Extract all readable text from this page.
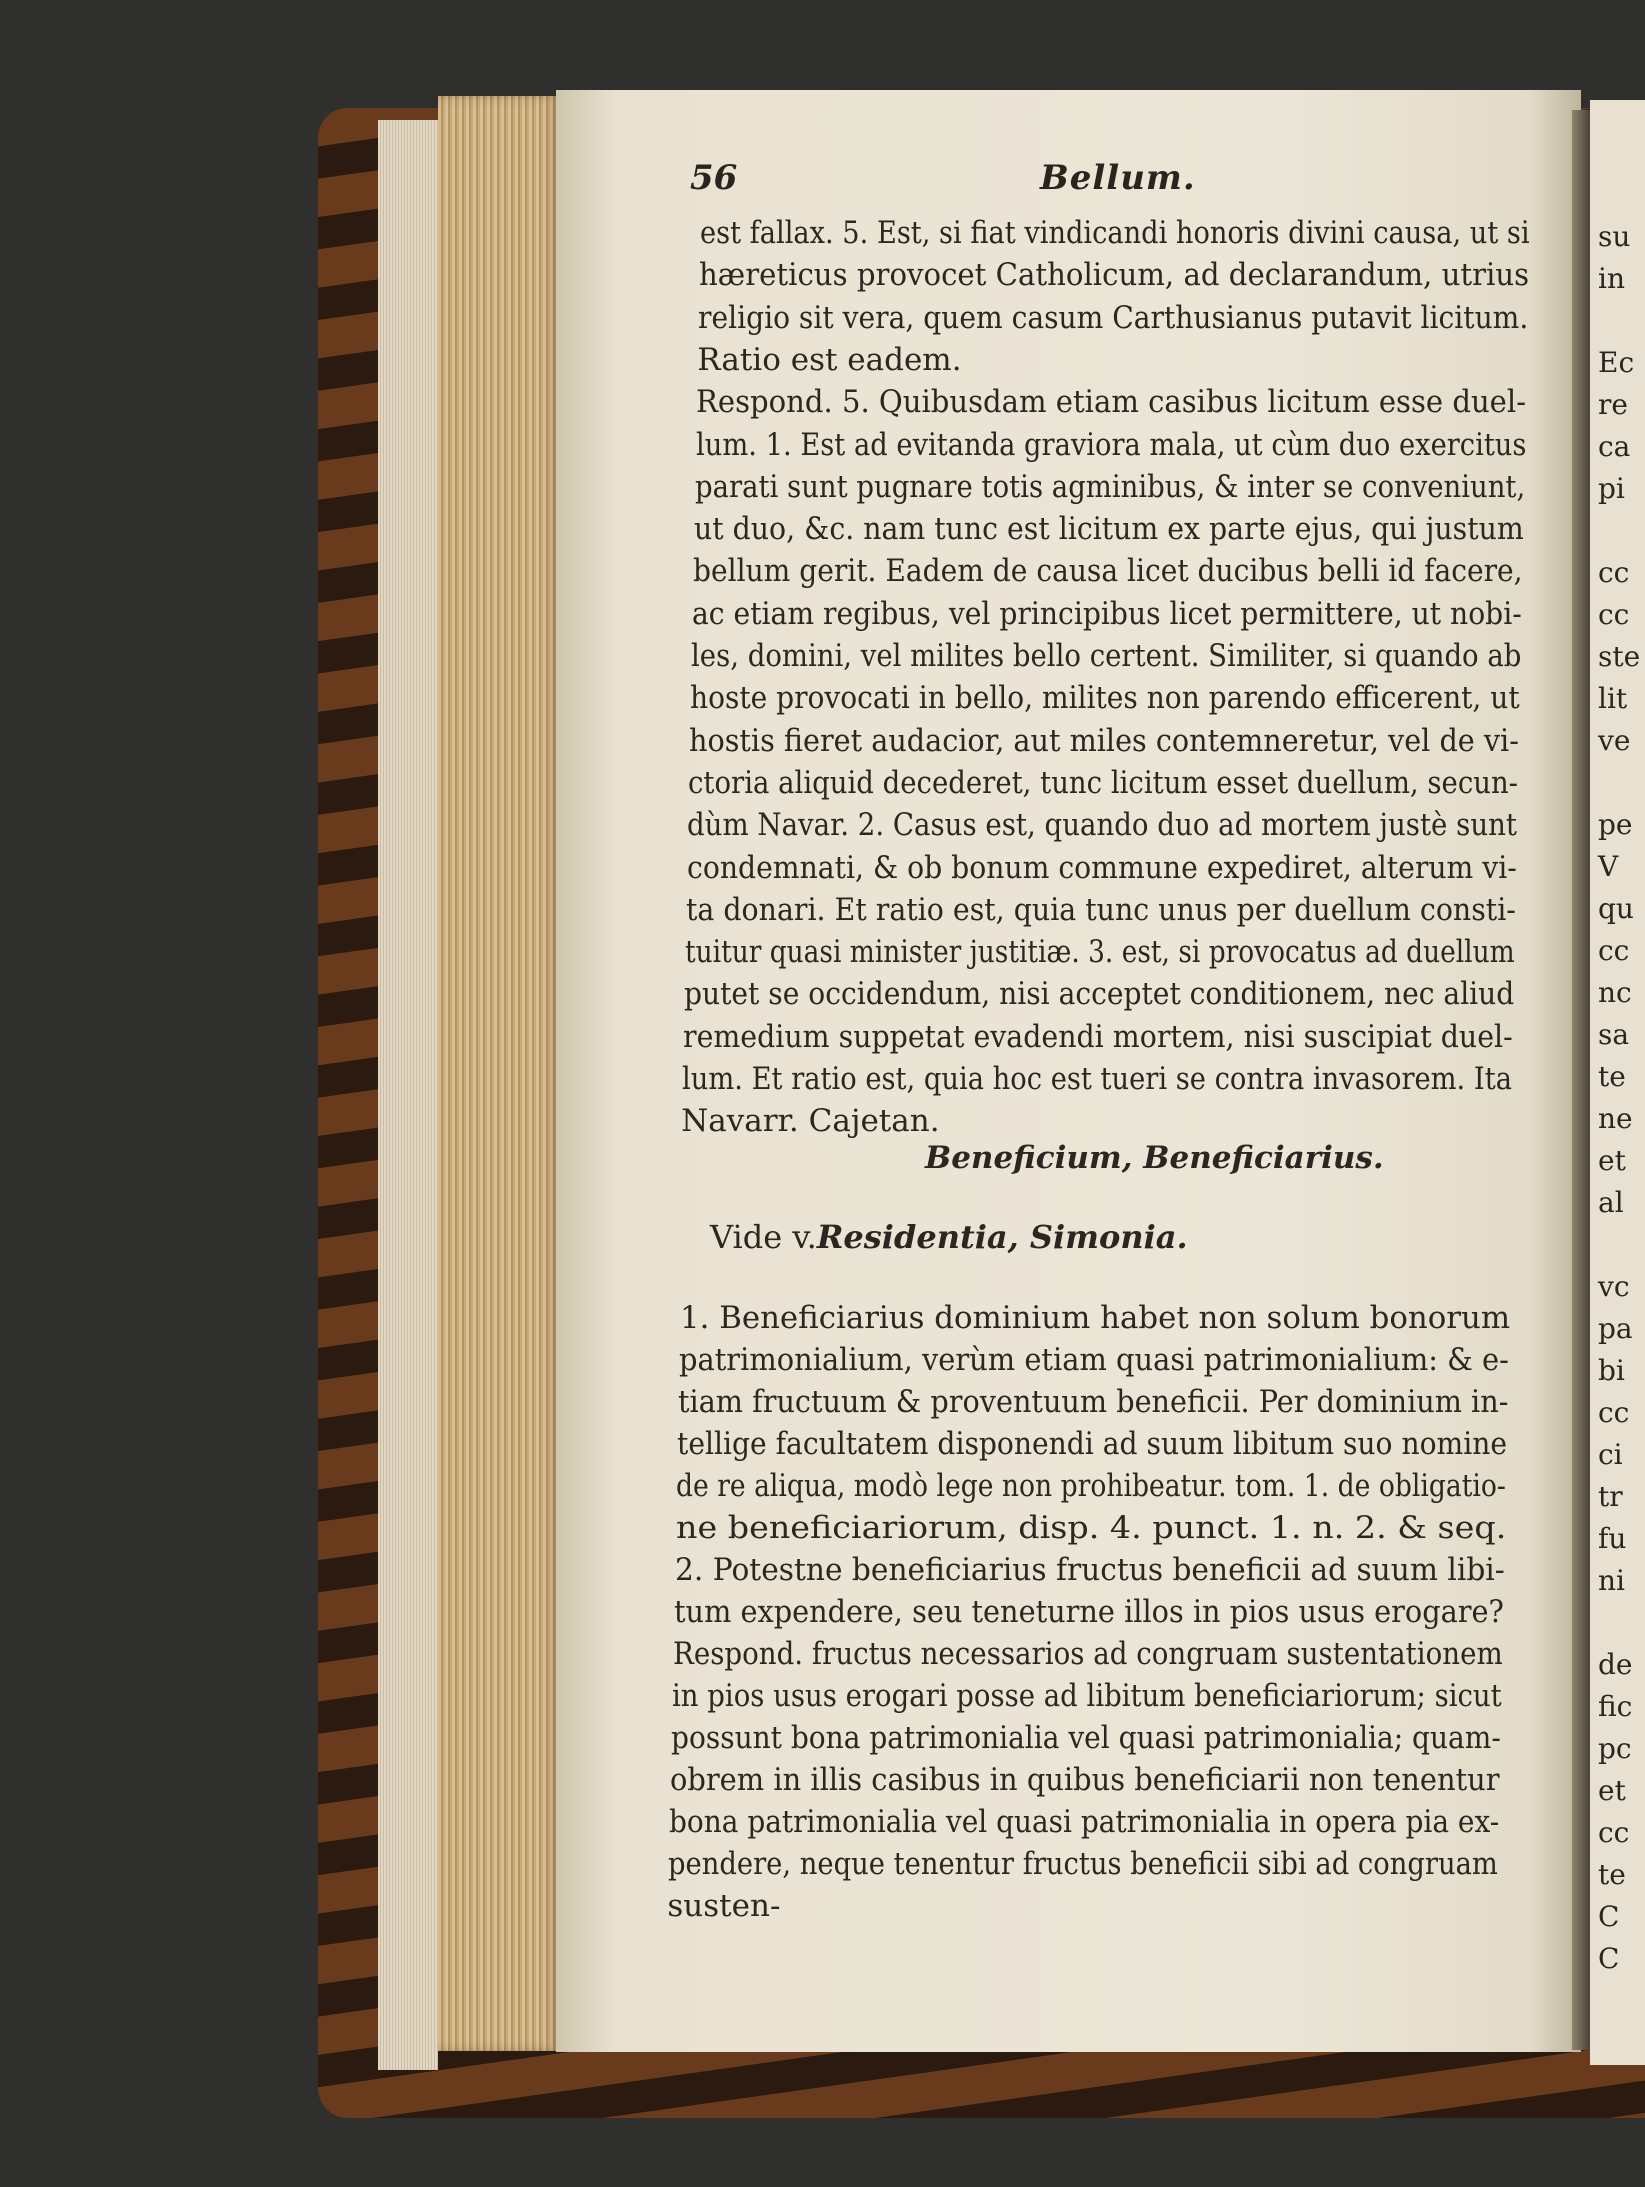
su
in
Ec
re
ca
pi
cc
cc
ste
lit
ve
pe
V
qu
cc
nc
sa
te
ne
et
al
vc
pa
bi
cc
ci
tr
fu
ni
de
fic
pc
et
cc
te
C
C
56	Bellum.
est fallax. 5. Est, si fiat vindicandi honoris divini causa, ut si
hæreticus provocet Catholicum, ad declarandum, utrius
religio sit vera, quem casum Carthusianus putavit licitum.
Ratio est eadem.
Respond. 5. Quibusdam etiam casibus licitum esse duel-
lum. 1. Est ad evitanda graviora mala, ut cùm duo exercitus
parati sunt pugnare totis agminibus, & inter se conveniunt,
ut duo, &c. nam tunc est licitum ex parte ejus, qui justum
bellum gerit. Eadem de causa licet ducibus belli id facere,
ac etiam regibus, vel principibus licet permittere, ut nobi-
les, domini, vel milites bello certent. Similiter, si quando ab
hoste provocati in bello, milites non parendo efficerent, ut
hostis fieret audacior, aut miles contemneretur, vel de vi-
ctoria aliquid decederet, tunc licitum esset duellum, secun-
dùm Navar. 2. Casus est, quando duo ad mortem justè sunt
condemnati, & ob bonum commune expediret, alterum vi-
ta donari. Et ratio est, quia tunc unus per duellum consti-
tuitur quasi minister justitiæ. 3. est, si provocatus ad duellum
putet se occidendum, nisi acceptet conditionem, nec aliud
remedium suppetat evadendi mortem, nisi suscipiat duel-
lum. Et ratio est, quia hoc est tueri se contra invasorem. Ita
Navarr. Cajetan.
Beneficium, Beneficiarius.
Vide v.Residentia, Simonia.
1. Beneficiarius dominium habet non solum bonorum
patrimonialium, verùm etiam quasi patrimonialium: & e-
tiam fructuum & proventuum beneficii. Per dominium in-
tellige facultatem disponendi ad suum libitum suo nomine
de re aliqua, modò lege non prohibeatur. tom. 1. de obligatio-
ne beneficiariorum, disp. 4. punct. 1. n. 2. & seq.
2. Potestne beneficiarius fructus beneficii ad suum libi-
tum expendere, seu teneturne illos in pios usus erogare?
Respond. fructus necessarios ad congruam sustentationem
in pios usus erogari posse ad libitum beneficiariorum; sicut
possunt bona patrimonialia vel quasi patrimonialia; quam-
obrem in illis casibus in quibus beneficiarii non tenentur
bona patrimonialia vel quasi patrimonialia in opera pia ex-
pendere, neque tenentur fructus beneficii sibi ad congruam
susten-
